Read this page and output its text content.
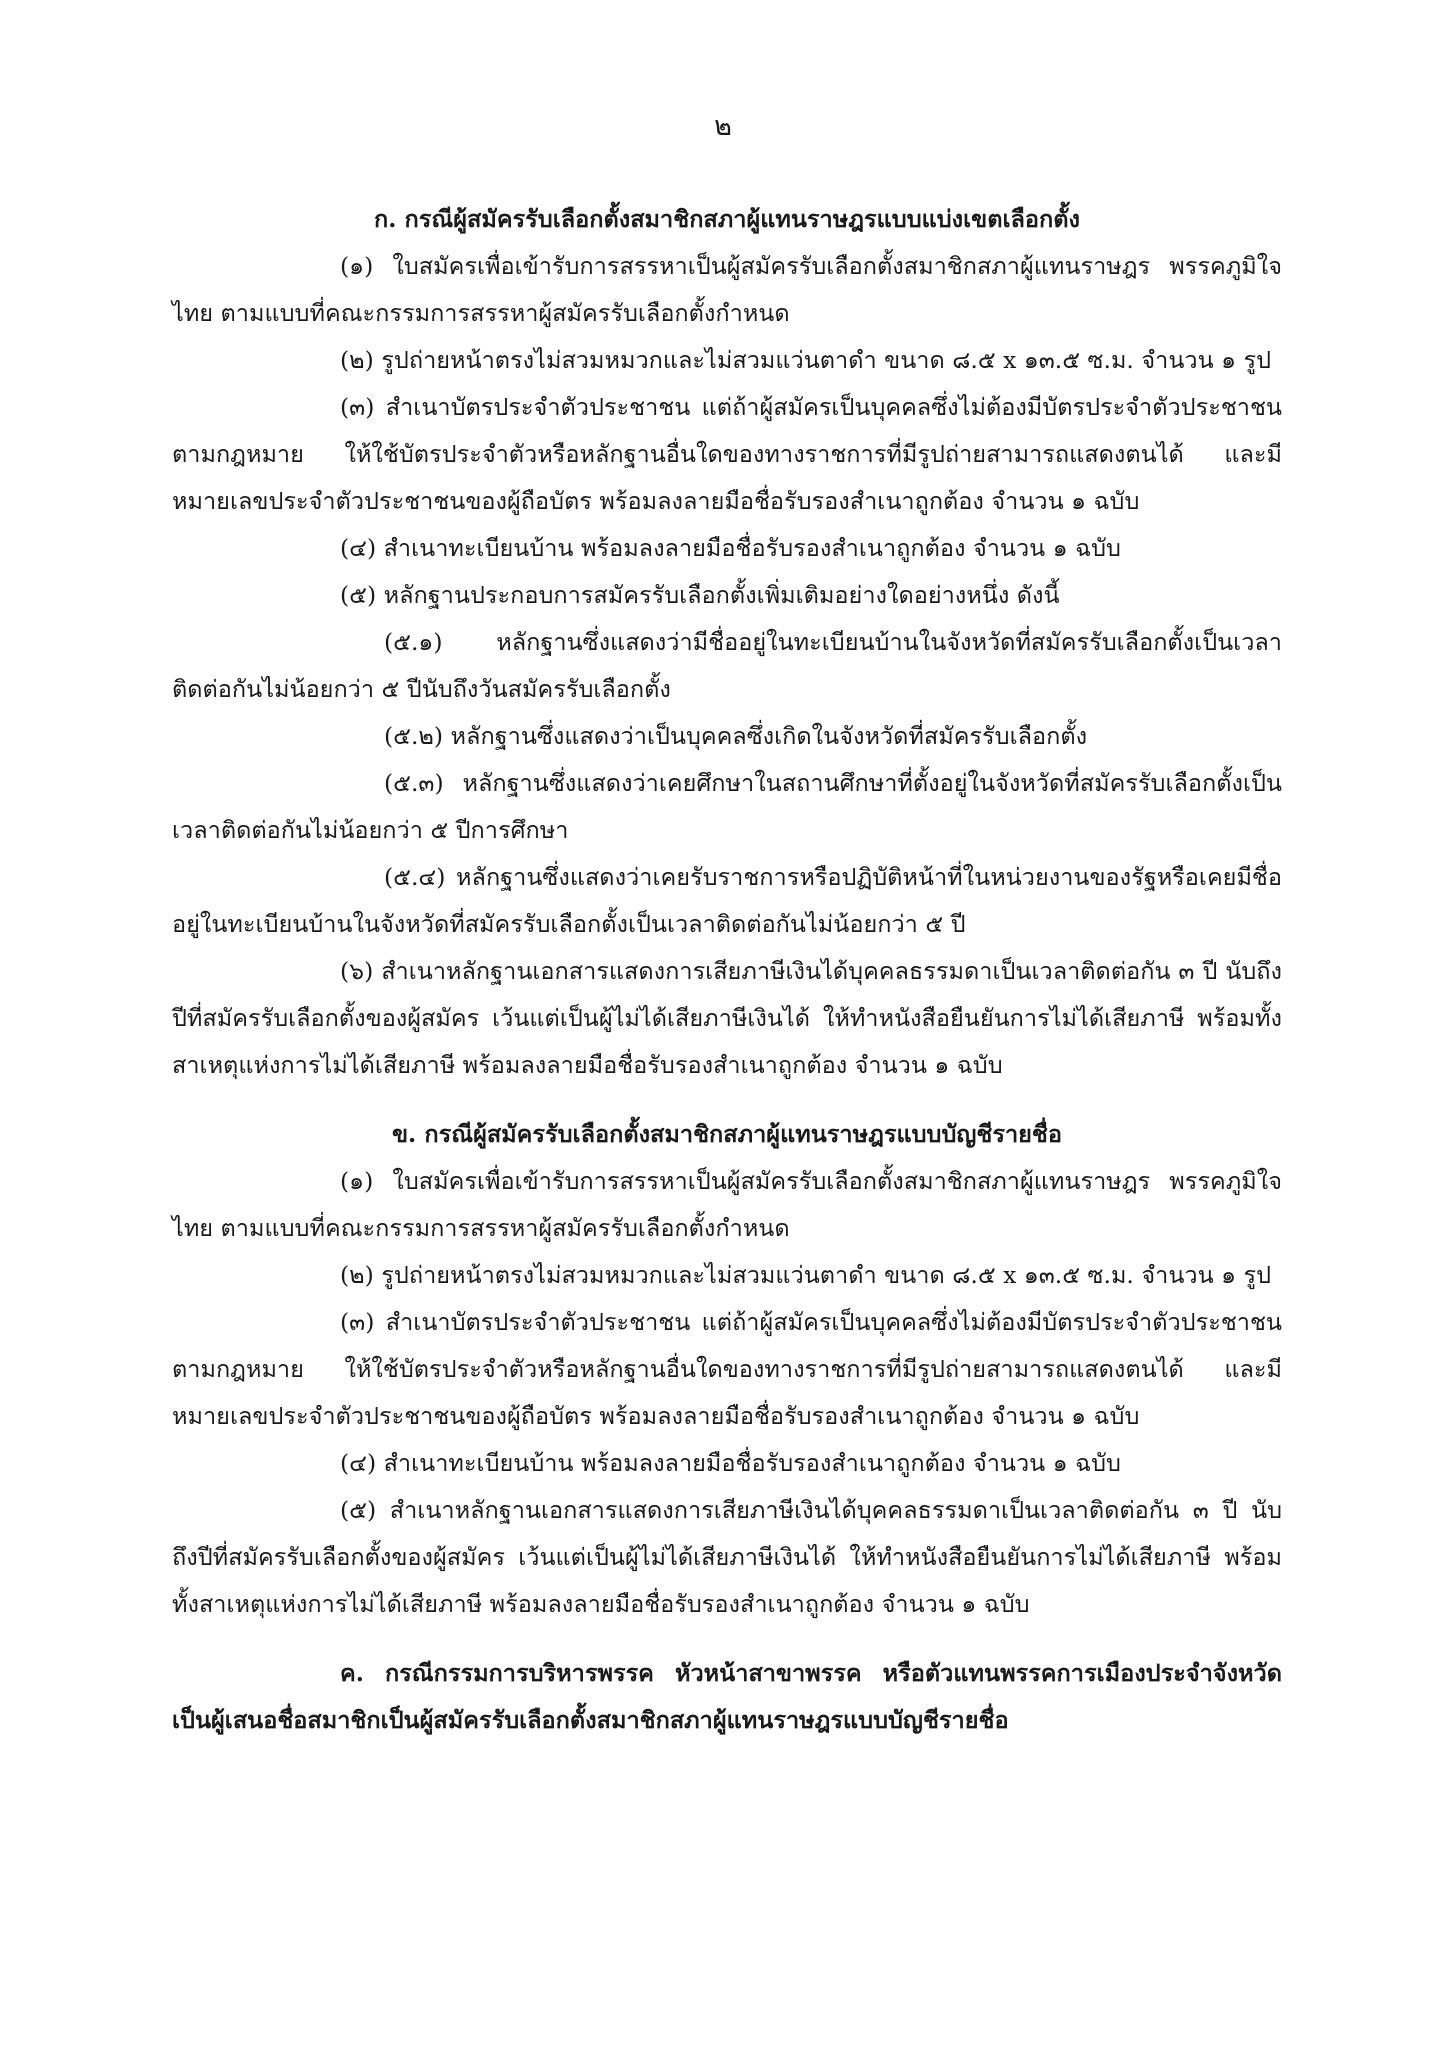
๒

ก. กรณีผู้สมัครรับเลือกตั้งสมาชิกสภาผู้แทนราษฎรแบบแบ่งเขตเลือกตั้ง

(๑) ใบสมัครเพื่อเข้ารับการสรรหาเป็นผู้สมัครรับเลือกตั้งสมาชิกสภาผู้แทนราษฎร พรรคภูมิใจไทย ตามแบบที่คณะกรรมการสรรหาผู้สมัครรับเลือกตั้งกำหนด

(๒) รูปถ่ายหน้าตรงไม่สวมหมวกและไม่สวมแว่นตาดำ ขนาด ๘.๕ x ๑๓.๕ ซ.ม. จำนวน ๑ รูป

(๓) สำเนาบัตรประจำตัวประชาชน แต่ถ้าผู้สมัครเป็นบุคคลซึ่งไม่ต้องมีบัตรประจำตัวประชาชนตามกฎหมาย ให้ใช้บัตรประจำตัวหรือหลักฐานอื่นใดของทางราชการที่มีรูปถ่ายสามารถแสดงตนได้ และมีหมายเลขประจำตัวประชาชนของผู้ถือบัตร พร้อมลงลายมือชื่อรับรองสำเนาถูกต้อง จำนวน ๑ ฉบับ

(๔) สำเนาทะเบียนบ้าน พร้อมลงลายมือชื่อรับรองสำเนาถูกต้อง จำนวน ๑ ฉบับ

(๕) หลักฐานประกอบการสมัครรับเลือกตั้งเพิ่มเติมอย่างใดอย่างหนึ่ง ดังนี้

(๕.๑) หลักฐานซึ่งแสดงว่ามีชื่ออยู่ในทะเบียนบ้านในจังหวัดที่สมัครรับเลือกตั้งเป็นเวลาติดต่อกันไม่น้อยกว่า ๕ ปีนับถึงวันสมัครรับเลือกตั้ง

(๕.๒) หลักฐานซึ่งแสดงว่าเป็นบุคคลซึ่งเกิดในจังหวัดที่สมัครรับเลือกตั้ง

(๕.๓) หลักฐานซึ่งแสดงว่าเคยศึกษาในสถานศึกษาที่ตั้งอยู่ในจังหวัดที่สมัครรับเลือกตั้งเป็นเวลาติดต่อกันไม่น้อยกว่า ๕ ปีการศึกษา

(๕.๔) หลักฐานซึ่งแสดงว่าเคยรับราชการหรือปฏิบัติหน้าที่ในหน่วยงานของรัฐหรือเคยมีชื่ออยู่ในทะเบียนบ้านในจังหวัดที่สมัครรับเลือกตั้งเป็นเวลาติดต่อกันไม่น้อยกว่า ๕ ปี

(๖) สำเนาหลักฐานเอกสารแสดงการเสียภาษีเงินได้บุคคลธรรมดาเป็นเวลาติดต่อกัน ๓ ปี นับถึงปีที่สมัครรับเลือกตั้งของผู้สมัคร เว้นแต่เป็นผู้ไม่ได้เสียภาษีเงินได้ ให้ทำหนังสือยืนยันการไม่ได้เสียภาษี พร้อมทั้งสาเหตุแห่งการไม่ได้เสียภาษี พร้อมลงลายมือชื่อรับรองสำเนาถูกต้อง จำนวน ๑ ฉบับ

ข. กรณีผู้สมัครรับเลือกตั้งสมาชิกสภาผู้แทนราษฎรแบบบัญชีรายชื่อ

(๑) ใบสมัครเพื่อเข้ารับการสรรหาเป็นผู้สมัครรับเลือกตั้งสมาชิกสภาผู้แทนราษฎร พรรคภูมิใจไทย ตามแบบที่คณะกรรมการสรรหาผู้สมัครรับเลือกตั้งกำหนด

(๒) รูปถ่ายหน้าตรงไม่สวมหมวกและไม่สวมแว่นตาดำ ขนาด ๘.๕ x ๑๓.๕ ซ.ม. จำนวน ๑ รูป

(๓) สำเนาบัตรประจำตัวประชาชน แต่ถ้าผู้สมัครเป็นบุคคลซึ่งไม่ต้องมีบัตรประจำตัวประชาชนตามกฎหมาย ให้ใช้บัตรประจำตัวหรือหลักฐานอื่นใดของทางราชการที่มีรูปถ่ายสามารถแสดงตนได้ และมีหมายเลขประจำตัวประชาชนของผู้ถือบัตร พร้อมลงลายมือชื่อรับรองสำเนาถูกต้อง จำนวน ๑ ฉบับ

(๔) สำเนาทะเบียนบ้าน พร้อมลงลายมือชื่อรับรองสำเนาถูกต้อง จำนวน ๑ ฉบับ

(๕) สำเนาหลักฐานเอกสารแสดงการเสียภาษีเงินได้บุคคลธรรมดาเป็นเวลาติดต่อกัน ๓ ปี นับถึงปีที่สมัครรับเลือกตั้งของผู้สมัคร เว้นแต่เป็นผู้ไม่ได้เสียภาษีเงินได้ ให้ทำหนังสือยืนยันการไม่ได้เสียภาษี พร้อมทั้งสาเหตุแห่งการไม่ได้เสียภาษี พร้อมลงลายมือชื่อรับรองสำเนาถูกต้อง จำนวน ๑ ฉบับ

ค. กรณีกรรมการบริหารพรรค หัวหน้าสาขาพรรค หรือตัวแทนพรรคการเมืองประจำจังหวัด เป็นผู้เสนอชื่อสมาชิกเป็นผู้สมัครรับเลือกตั้งสมาชิกสภาผู้แทนราษฎรแบบบัญชีรายชื่อ
